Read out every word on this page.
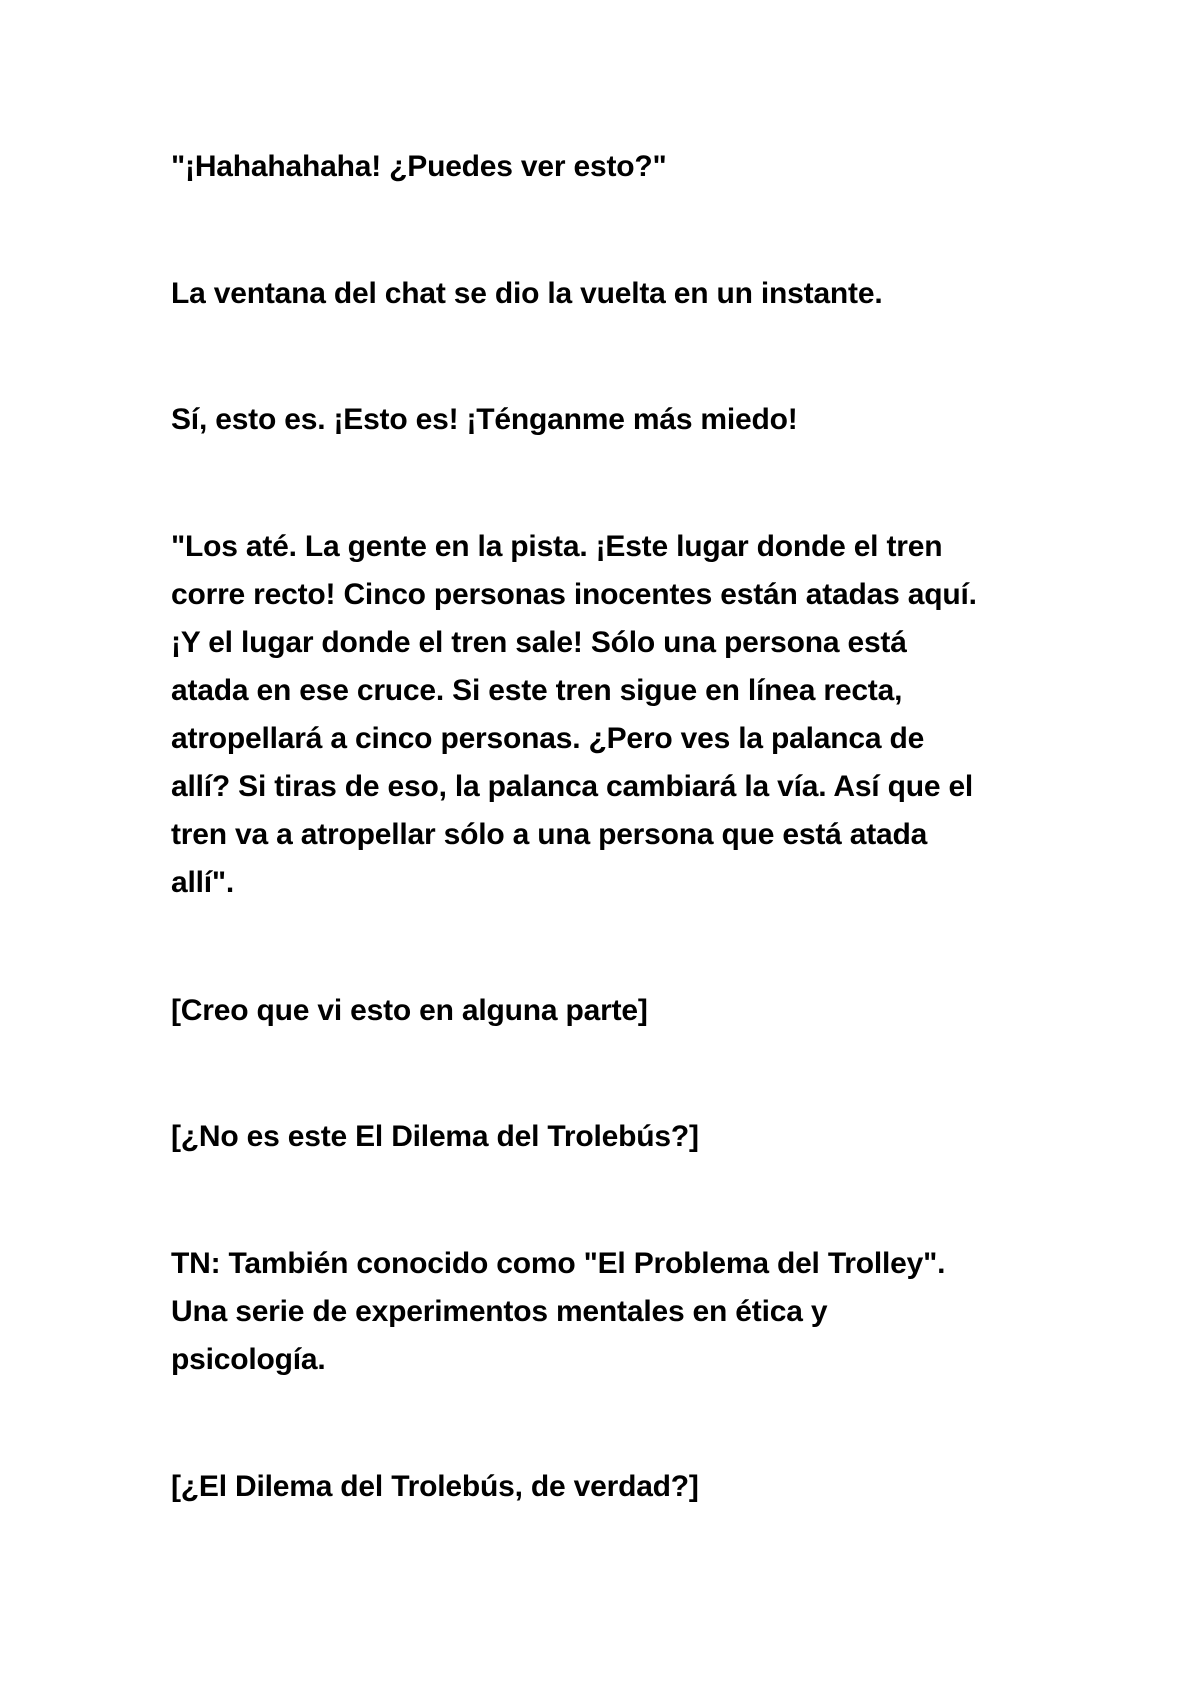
"¡Hahahahaha! ¿Puedes ver esto?"

La ventana del chat se dio la vuelta en un instante.

Sí, esto es. ¡Esto es! ¡Ténganme más miedo!

"Los até. La gente en la pista. ¡Este lugar donde el tren
corre recto! Cinco personas inocentes están atadas aquí.
¡Y el lugar donde el tren sale! Sólo una persona está
atada en ese cruce. Si este tren sigue en línea recta,
atropellará a cinco personas. ¿Pero ves la palanca de
allí? Si tiras de eso, la palanca cambiará la vía. Así que el
tren va a atropellar sólo a una persona que está atada
allí".

[Creo que vi esto en alguna parte]

[¿No es este El Dilema del Trolebús?]

TN: También conocido como "El Problema del Trolley".
Una serie de experimentos mentales en ética y
psicología.

[¿El Dilema del Trolebús, de verdad?]
